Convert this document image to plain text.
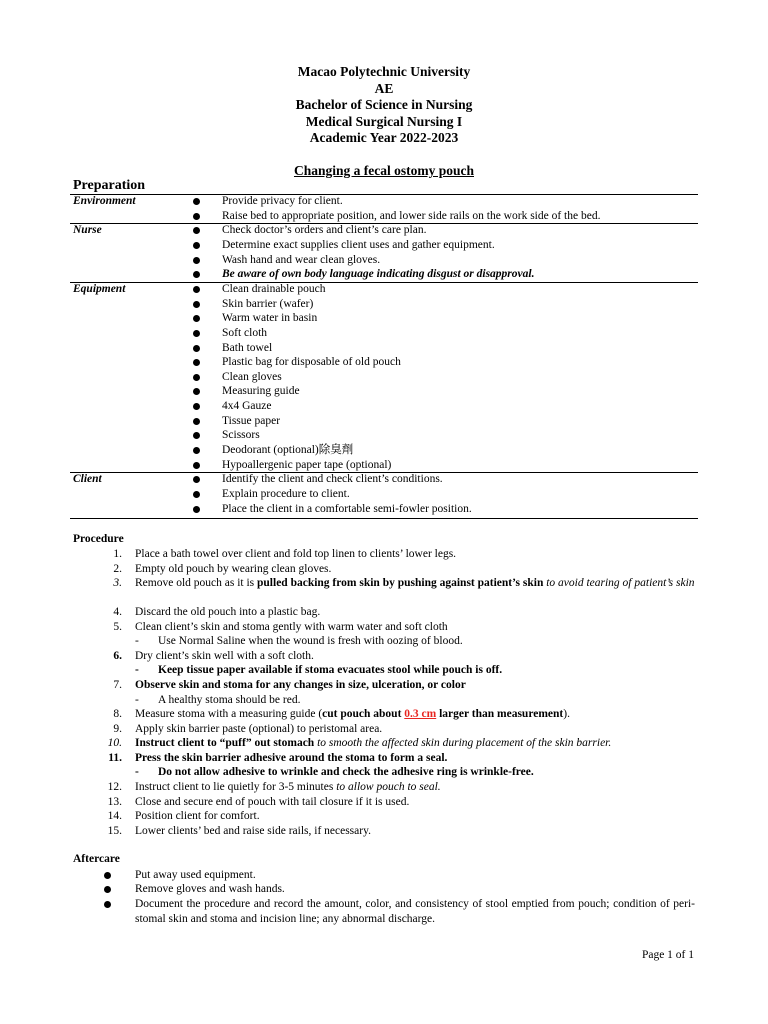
Macao Polytechnic University
AE
Bachelor of Science in Nursing
Medical Surgical Nursing I
Academic Year 2022-2023
Changing a fecal ostomy pouch
Preparation
Environment	Provide privacy for client.
Raise bed to appropriate position, and lower side rails on the work side of the bed.
Nurse	Check doctor’s orders and client’s care plan.
Determine exact supplies client uses and gather equipment.
Wash hand and wear clean gloves.
Be aware of own body language indicating disgust or disapproval.
Equipment	Clean drainable pouch
Skin barrier (wafer)
Warm water in basin
Soft cloth
Bath towel
Plastic bag for disposable of old pouch
Clean gloves
Measuring guide
4x4 Gauze
Tissue paper
Scissors
Deodorant (optional)除臭劑
Hypoallergenic paper tape (optional)
Client	Identify the client and check client’s conditions.
Explain procedure to client.
Place the client in a comfortable semi-fowler position.
Procedure
1. Place a bath towel over client and fold top linen to clients’ lower legs.
2. Empty old pouch by wearing clean gloves.
3. Remove old pouch as it is pulled backing from skin by pushing against patient’s skin to avoid tearing of patient’s skin
4. Discard the old pouch into a plastic bag.
5. Clean client’s skin and stoma gently with warm water and soft cloth
- Use Normal Saline when the wound is fresh with oozing of blood.
6. Dry client’s skin well with a soft cloth.
- Keep tissue paper available if stoma evacuates stool while pouch is off.
7. Observe skin and stoma for any changes in size, ulceration, or color
- A healthy stoma should be red.
8. Measure stoma with a measuring guide (cut pouch about 0.3 cm larger than measurement).
9. Apply skin barrier paste (optional) to peristomal area.
10. Instruct client to “puff” out stomach to smooth the affected skin during placement of the skin barrier.
11. Press the skin barrier adhesive around the stoma to form a seal.
- Do not allow adhesive to wrinkle and check the adhesive ring is wrinkle-free.
12. Instruct client to lie quietly for 3-5 minutes to allow pouch to seal.
13. Close and secure end of pouch with tail closure if it is used.
14. Position client for comfort.
15. Lower clients’ bed and raise side rails, if necessary.
Aftercare
Put away used equipment.
Remove gloves and wash hands.
Document the procedure and record the amount, color, and consistency of stool emptied from pouch; condition of peri-stomal skin and stoma and incision line; any abnormal discharge.
Page 1 of 1
